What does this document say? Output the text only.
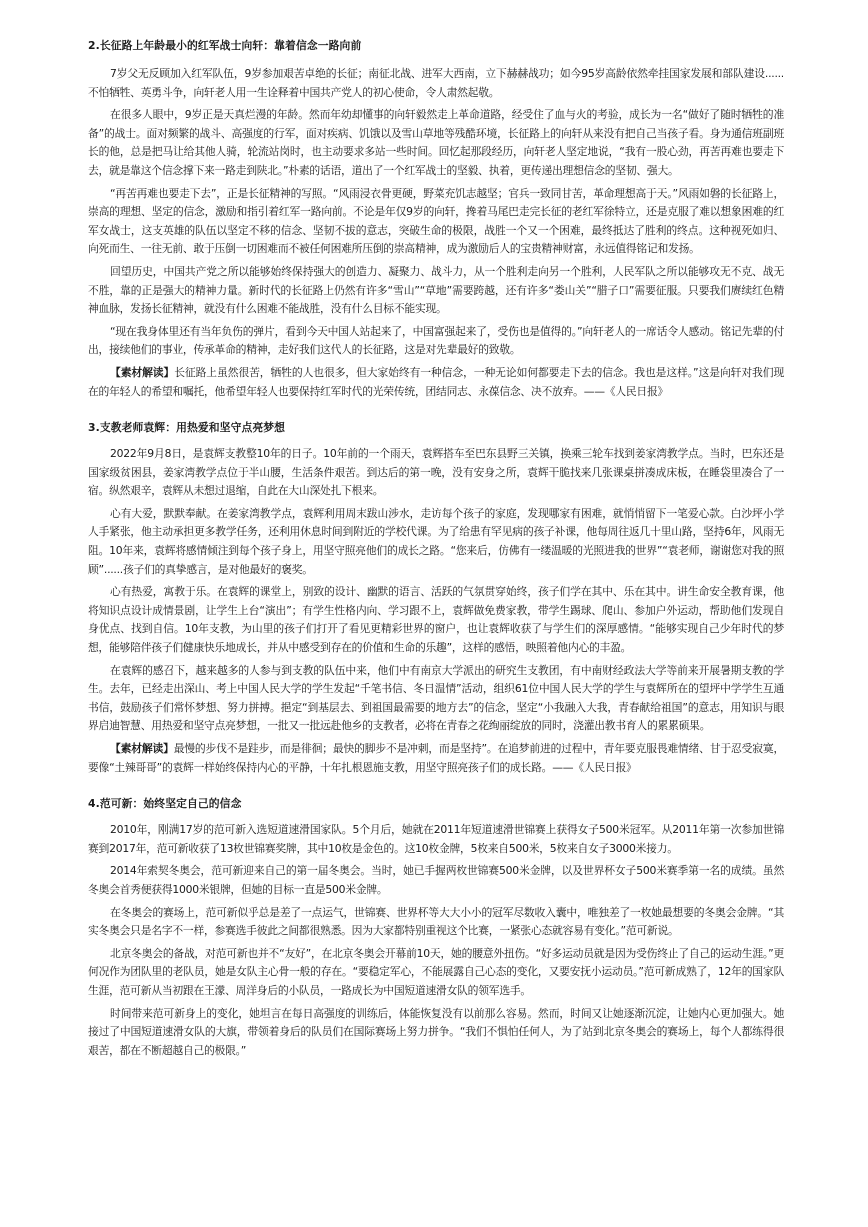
2.长征路上年龄最小的红军战士向轩：靠着信念一路向前

7岁父无反顾加入红军队伍，9岁参加艰苦卓绝的长征；南征北战、进军大西南，立下赫赫战功；如今95岁高龄依然牵挂国家发展和部队建设......不怕牺牲、英勇斗争，向轩老人用一生诠释着中国共产党人的初心使命，令人肃然起敬。

在很多人眼中，9岁正是天真烂漫的年龄。然而年幼却懂事的向轩毅然走上革命道路，经受住了血与火的考验，成长为一名“做好了随时牺牲的准备”的战士。面对频繁的战斗、高强度的行军，面对疾病、饥饿以及雪山草地等残酷环境，长征路上的向轩从来没有把自己当孩子看。身为通信班副班长的他，总是把马让给其他人骑，轮流站岗时，也主动要求多站一些时间。回忆起那段经历，向轩老人坚定地说，“我有一股心劲，再苦再难也要走下去，就是靠这个信念撑下来一路走到陕北。”朴素的话语，道出了一个红军战士的坚毅、执着，更传递出理想信念的坚韧、强大。

“再苦再难也要走下去”，正是长征精神的写照。“风雨浸衣骨更硬，野菜充饥志越坚；官兵一致同甘苦，革命理想高于天。”风雨如磐的长征路上，崇高的理想、坚定的信念，激励和指引着红军一路向前。不论是年仅9岁的向轩，搀着马尾巴走完长征的老红军徐特立，还是克服了难以想象困难的红军女战士，这支英雄的队伍以坚定不移的信念、坚韧不拔的意志，突破生命的极限，战胜一个又一个困难，最终抵达了胜利的终点。这种视死如归、向死而生、一往无前、敢于压倒一切困难而不被任何困难所压倒的崇高精神，成为激励后人的宝贵精神财富，永远值得铭记和发扬。

回望历史，中国共产党之所以能够始终保持强大的创造力、凝聚力、战斗力，从一个胜利走向另一个胜利，人民军队之所以能够攻无不克、战无不胜，靠的正是强大的精神力量。新时代的长征路上仍然有许多“雪山”“草地”需要跨越，还有许多“娄山关”“腊子口”需要征服。只要我们赓续红色精神血脉，发扬长征精神，就没有什么困难不能战胜，没有什么目标不能实现。

“现在我身体里还有当年负伤的弹片，看到今天中国人站起来了，中国富强起来了，受伤也是值得的。”向轩老人的一席话令人感动。铭记先辈的付出，接续他们的事业，传承革命的精神，走好我们这代人的长征路，这是对先辈最好的致敬。

【素材解读】长征路上虽然很苦，牺牲的人也很多，但大家始终有一种信念，一种无论如何都要走下去的信念。我也是这样。”这是向轩对我们现在的年轻人的希望和嘱托，他希望年轻人也要保持红军时代的光荣传统，团结同志、永葆信念、决不放弃。——《人民日报》

3.支教老师袁辉：用热爱和坚守点亮梦想

2022年9月8日，是袁辉支教整10年的日子。10年前的一个雨天，袁辉搭车至巴东县野三关镇，换乘三轮车找到姜家湾教学点。当时，巴东还是国家级贫困县，姜家湾教学点位于半山腰，生活条件艰苦。到达后的第一晚，没有安身之所，袁辉干脆找来几张课桌拼凑成床板，在睡袋里凑合了一宿。纵然艰辛，袁辉从未想过退缩，自此在大山深处扎下根来。

心有大爱，默默奉献。在姜家湾教学点，袁辉利用周末跋山涉水，走访每个孩子的家庭，发现哪家有困难，就悄悄留下一笔爱心款。白沙坪小学人手紧张，他主动承担更多教学任务，还利用休息时间到附近的学校代课。为了给患有罕见病的孩子补课，他每周往返几十里山路，坚持6年，风雨无阻。10年来，袁辉将感情倾注到每个孩子身上，用坚守照亮他们的成长之路。“您来后，仿佛有一缕温暖的光照进我的世界”“袁老师，谢谢您对我的照顾”......孩子们的真挚感言，是对他最好的褒奖。

心有热爱，寓教于乐。在袁辉的课堂上，别致的设计、幽默的语言、活跃的气氛贯穿始终，孩子们学在其中、乐在其中。讲生命安全教育课，他将知识点设计成情景剧，让学生上台“演出”；有学生性格内向、学习跟不上，袁辉做免费家教，带学生踢球、爬山、参加户外运动，帮助他们发现自身优点、找到自信。10年支教，为山里的孩子们打开了看见更精彩世界的窗户，也让袁辉收获了与学生们的深厚感情。“能够实现自己少年时代的梦想，能够陪伴孩子们健康快乐地成长，并从中感受到存在的价值和生命的乐趣”，这样的感悟，映照着他内心的丰盈。

在袁辉的感召下，越来越多的人参与到支教的队伍中来，他们中有南京大学派出的研究生支教团，有中南财经政法大学等前来开展暑期支教的学生。去年，已经走出深山、考上中国人民大学的学生发起“千笔书信、冬日温情”活动，组织61位中国人民大学的学生与袁辉所在的望坪中学学生互通书信，鼓励孩子们常怀梦想、努力拼搏。挹定“到基层去、到祖国最需要的地方去”的信念，坚定“小我融入大我，青春献给祖国”的意志，用知识与眼界启迪智慧、用热爱和坚守点亮梦想，一批又一批远赴他乡的支教者，必将在青春之花绚丽绽放的同时，浇灌出教书育人的累累硕果。

【素材解读】最慢的步伐不是跬步，而是徘徊；最快的脚步不是冲刺，而是坚持”。在追梦前进的过程中，青年要克服畏难情绪、甘于忍受寂寞，要像“土辣哥哥”的袁辉一样始终保持内心的平静，十年扎根恩施支教，用坚守照亮孩子们的成长路。——《人民日报》

4.范可新：始终坚定自己的信念

2010年，刚满17岁的范可新入选短道速滑国家队。5个月后，她就在2011年短道速滑世锦赛上获得女子500米冠军。从2011年第一次参加世锦赛到2017年，范可新收获了13枚世锦赛奖牌，其中10枚是金色的。这10枚金牌，5枚来自500米，5枚来自女子3000米接力。

2014年索契冬奥会，范可新迎来自己的第一届冬奥会。当时，她已手握两枚世锦赛500米金牌，以及世界杯女子500米赛季第一名的成绩。虽然冬奥会首秀便获得1000米银牌，但她的目标一直是500米金牌。

在冬奥会的赛场上，范可新似乎总是差了一点运气，世锦赛、世界杯等大大小小的冠军尽数收入囊中，唯独差了一枚她最想要的冬奥会金牌。“其实冬奥会只是名字不一样，参赛选手彼此之间都很熟悉。因为大家都特别重视这个比赛，一紧张心态就容易有变化。”范可新说。

北京冬奥会的备战，对范可新也并不“友好”，在北京冬奥会开幕前10天，她的腰意外扭伤。“好多运动员就是因为受伤终止了自己的运动生涯。”更何况作为团队里的老队员，她是女队主心骨一般的存在。“要稳定军心，不能展露自己心态的变化，又要安抚小运动员。”范可新成熟了，12年的国家队生涯，范可新从当初跟在王濛、周洋身后的小队员，一路成长为中国短道速滑女队的领军选手。

时间带来范可新身上的变化，她坦言在每日高强度的训练后，体能恢复没有以前那么容易。然而，时间又让她逐渐沉淀，让她内心更加强大。她接过了中国短道速滑女队的大旗，带领着身后的队员们在国际赛场上努力拼争。“我们不惧怕任何人，为了站到北京冬奥会的赛场上，每个人都练得很艰苦，都在不断超越自己的极限。”
